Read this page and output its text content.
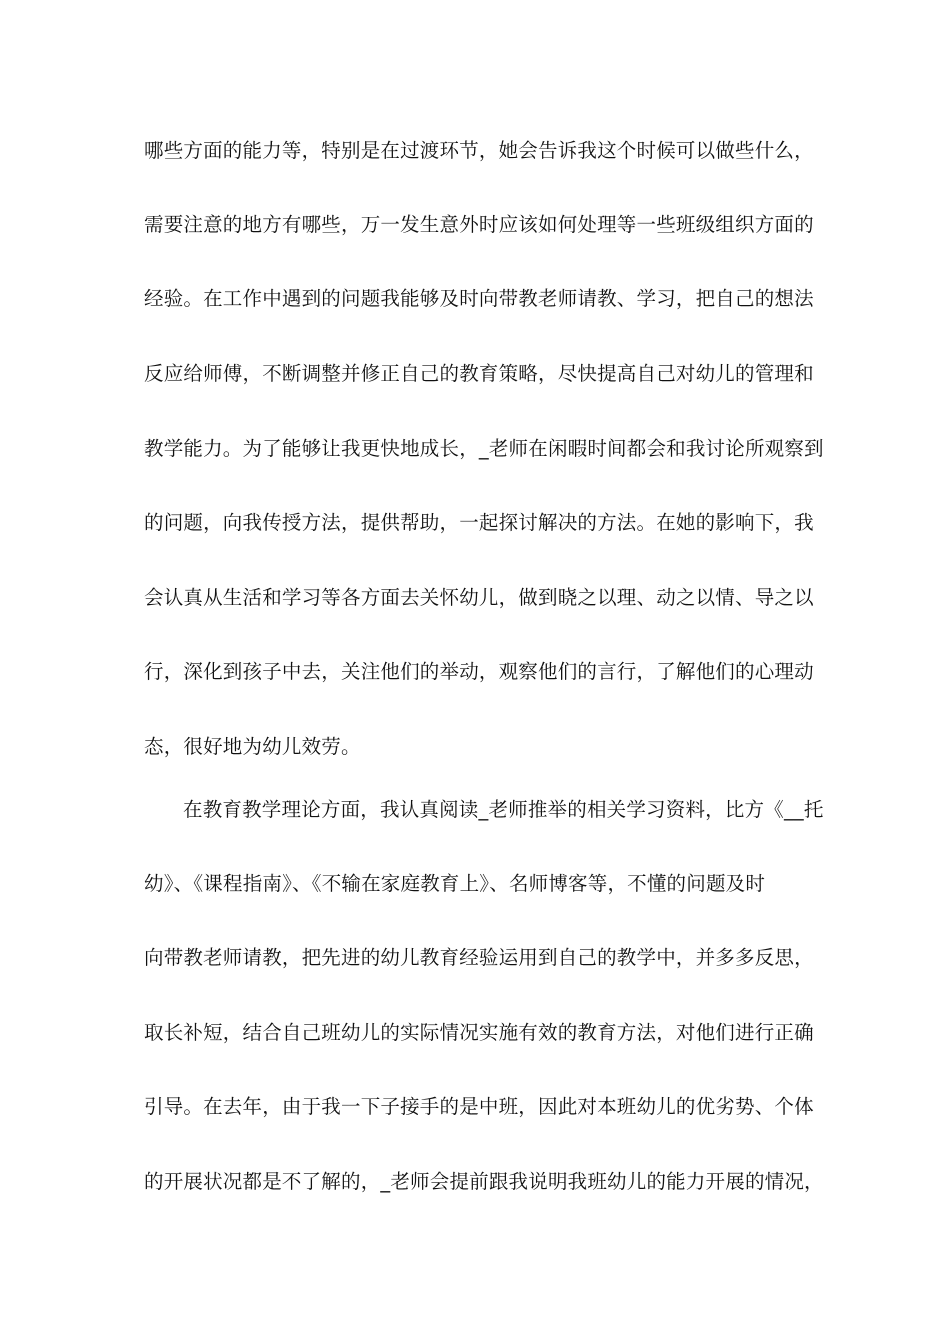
哪些方面的能力等，特别是在过渡环节，她会告诉我这个时候可以做些什么，
需要注意的地方有哪些，万一发生意外时应该如何处理等一些班级组织方面的
经验。在工作中遇到的问题我能够及时向带教老师请教、学习，把自己的想法
反应给师傅，不断调整并修正自己的教育策略，尽快提高自己对幼儿的管理和
教学能力。为了能够让我更快地成长，_老师在闲暇时间都会和我讨论所观察到
的问题，向我传授方法，提供帮助，一起探讨解决的方法。在她的影响下，我
会认真从生活和学习等各方面去关怀幼儿，做到晓之以理、动之以情、导之以
行，深化到孩子中去，关注他们的举动，观察他们的言行，了解他们的心理动
态，很好地为幼儿效劳。
在教育教学理论方面，我认真阅读_老师推举的相关学习资料，比方《__托
幼》、《课程指南》、《不输在家庭教育上》、名师博客等，不懂的问题及时
向带教老师请教，把先进的幼儿教育经验运用到自己的教学中，并多多反思，
取长补短，结合自己班幼儿的实际情况实施有效的教育方法，对他们进行正确
引导。在去年，由于我一下子接手的是中班，因此对本班幼儿的优劣势、个体
的开展状况都是不了解的，_老师会提前跟我说明我班幼儿的能力开展的情况，
